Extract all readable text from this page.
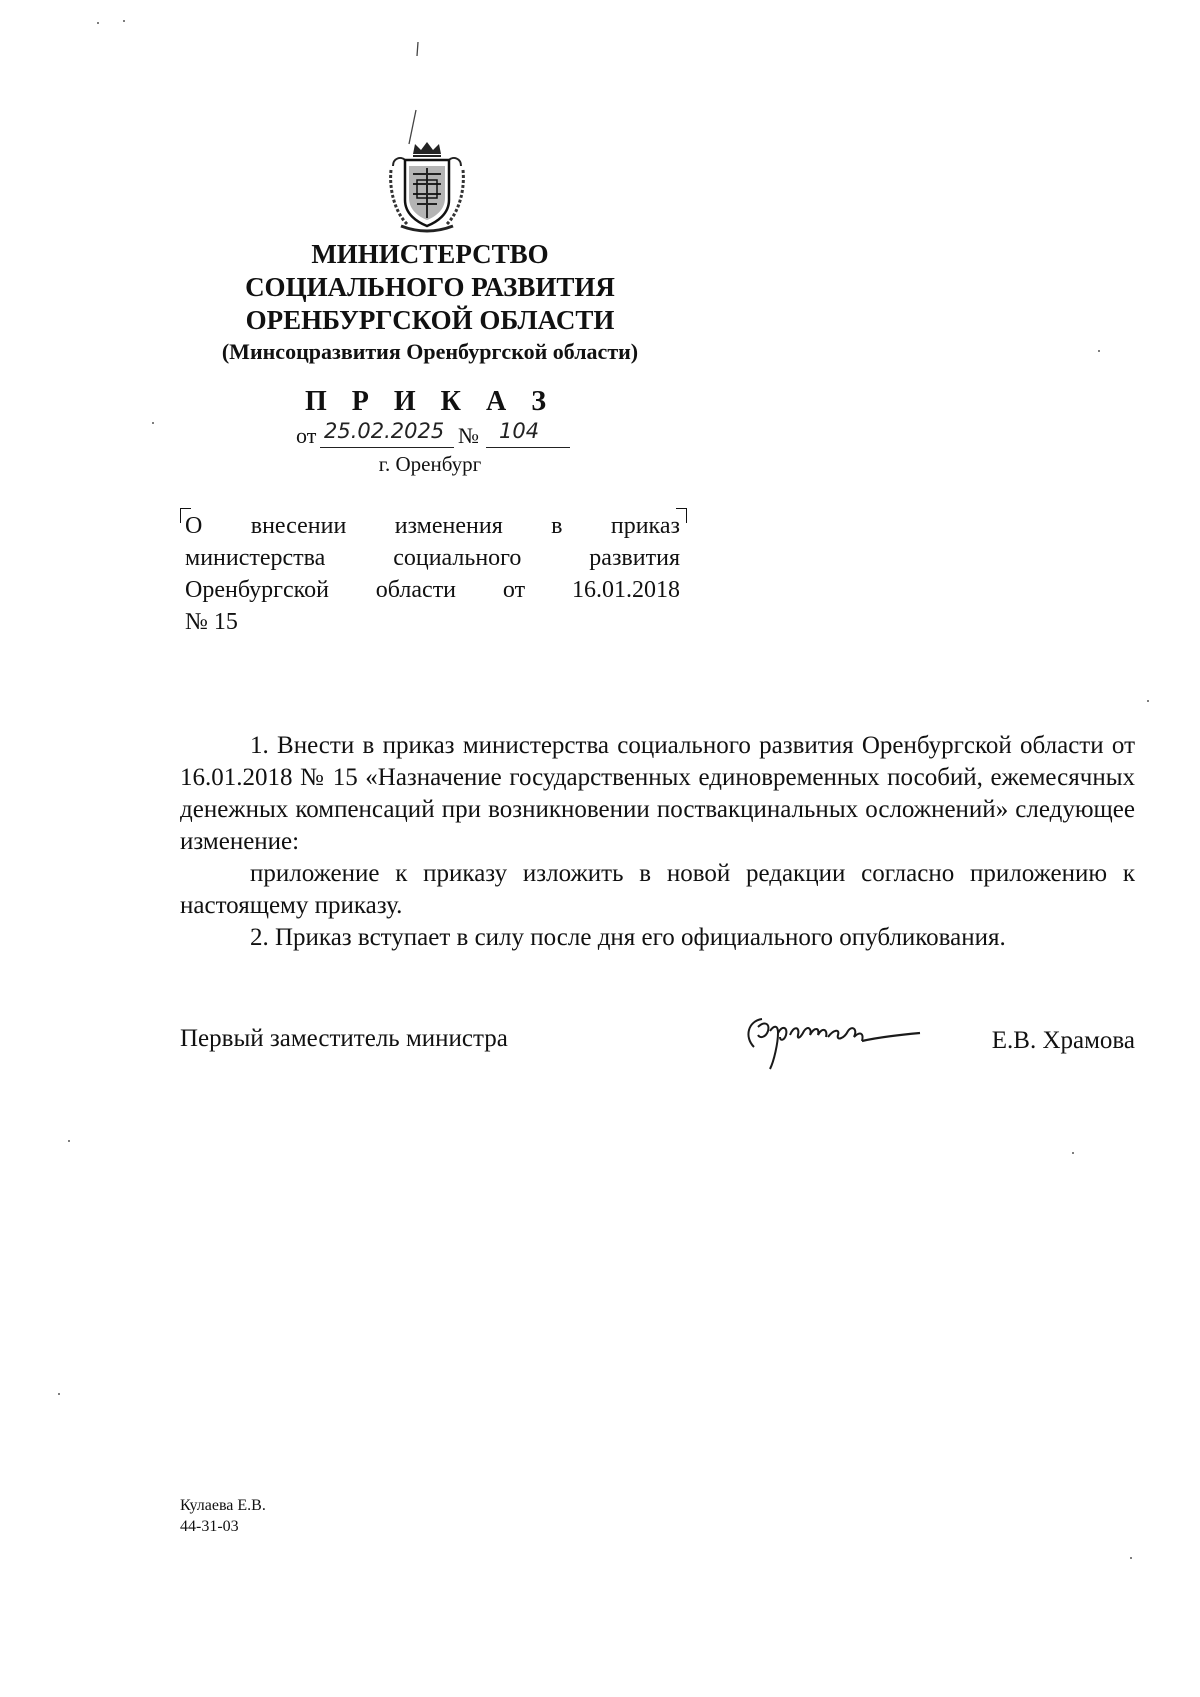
МИНИСТЕРСТВО
СОЦИАЛЬНОГО РАЗВИТИЯ
ОРЕНБУРГСКОЙ ОБЛАСТИ
(Минсоцразвития Оренбургской области)
П Р И К А З
от 25.02.2025 № 104
г. Оренбург
О внесении изменения в приказ
министерства	социального	развития
Оренбургской области от 16.01.2018
№ 15

1. Внести в приказ министерства социального развития Оренбургской области от 16.01.2018 № 15 «Назначение государственных единовременных пособий, ежемесячных денежных компенсаций при возникновении поствакцинальных осложнений» следующее изменение:

приложение к приказу изложить в новой редакции согласно приложению к настоящему приказу.

2. Приказ вступает в силу после дня его официального опубликования.

Первый заместитель министра	Е.В. Храмова
Кулаева Е.В.
44-31-03
